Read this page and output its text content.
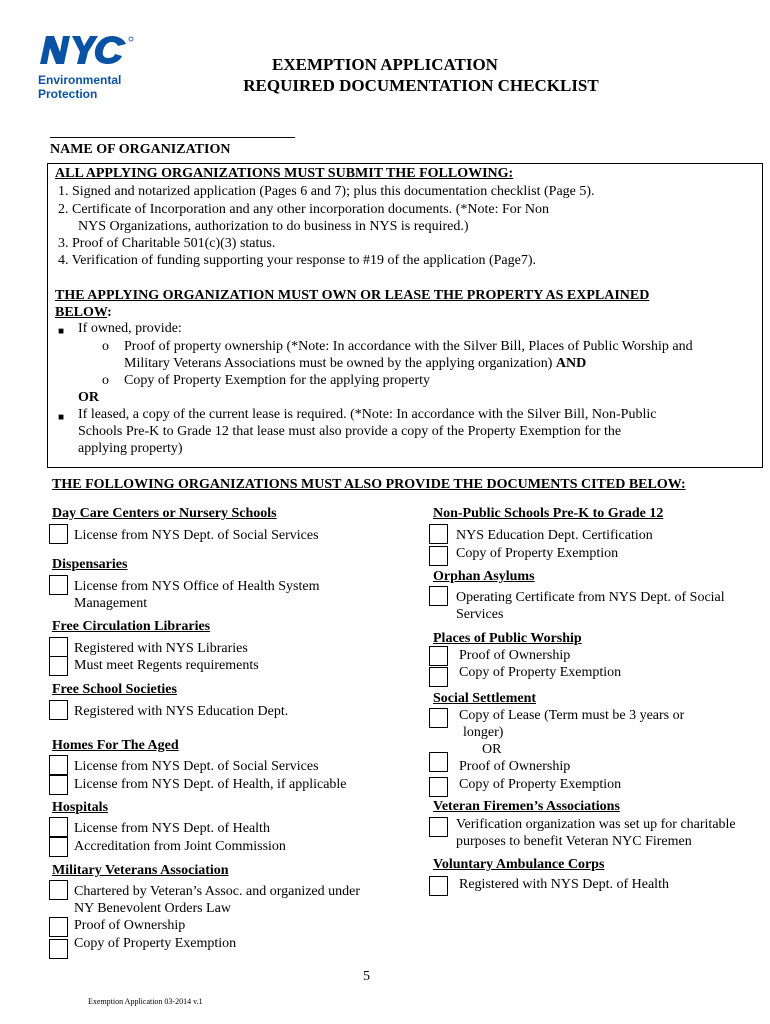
Environmental
Protection
EXEMPTION APPLICATION
REQUIRED DOCUMENTATION CHECKLIST
___________________________________
NAME OF ORGANIZATION
ALL APPLYING ORGANIZATIONS MUST SUBMIT THE FOLLOWING:
1. Signed and notarized application (Pages 6 and 7); plus this documentation checklist (Page 5).
2. Certificate of Incorporation and any other incorporation documents. (*Note: For Non
NYS Organizations, authorization to do business in NYS is required.)
3. Proof of Charitable 501(c)(3) status.
4. Verification of funding supporting your response to #19 of the application (Page7).
THE APPLYING ORGANIZATION MUST OWN OR LEASE THE PROPERTY AS EXPLAINED
BELOW:
■ If owned, provide:
o Proof of property ownership (*Note: In accordance with the Silver Bill, Places of Public Worship and
Military Veterans Associations must be owned by the applying organization) AND
o Copy of Property Exemption for the applying property
OR
■ If leased, a copy of the current lease is required. (*Note: In accordance with the Silver Bill, Non-Public
Schools Pre-K to Grade 12 that lease must also provide a copy of the Property Exemption for the
applying property)
THE FOLLOWING ORGANIZATIONS MUST ALSO PROVIDE THE DOCUMENTS CITED BELOW:
Day Care Centers or Nursery Schools
License from NYS Dept. of Social Services
Dispensaries
License from NYS Office of Health System
Management
Free Circulation Libraries
Registered with NYS Libraries
Must meet Regents requirements
Free School Societies
Registered with NYS Education Dept.
Homes For The Aged
License from NYS Dept. of Social Services
License from NYS Dept. of Health, if applicable
Hospitals
License from NYS Dept. of Health
Accreditation from Joint Commission
Military Veterans Association
Chartered by Veteran’s Assoc. and organized under
NY Benevolent Orders Law
Proof of Ownership
Copy of Property Exemption
Non-Public Schools Pre-K to Grade 12
NYS Education Dept. Certification
Copy of Property Exemption
Orphan Asylums
Operating Certificate from NYS Dept. of Social
Services
Places of Public Worship
Proof of Ownership
Copy of Property Exemption
Social Settlement
Copy of Lease (Term must be 3 years or
longer)
OR
Proof of Ownership
Copy of Property Exemption
Veteran Firemen’s Associations
Verification organization was set up for charitable
purposes to benefit Veteran NYC Firemen
Voluntary Ambulance Corps
Registered with NYS Dept. of Health
5
Exemption Application 03-2014 v.1
